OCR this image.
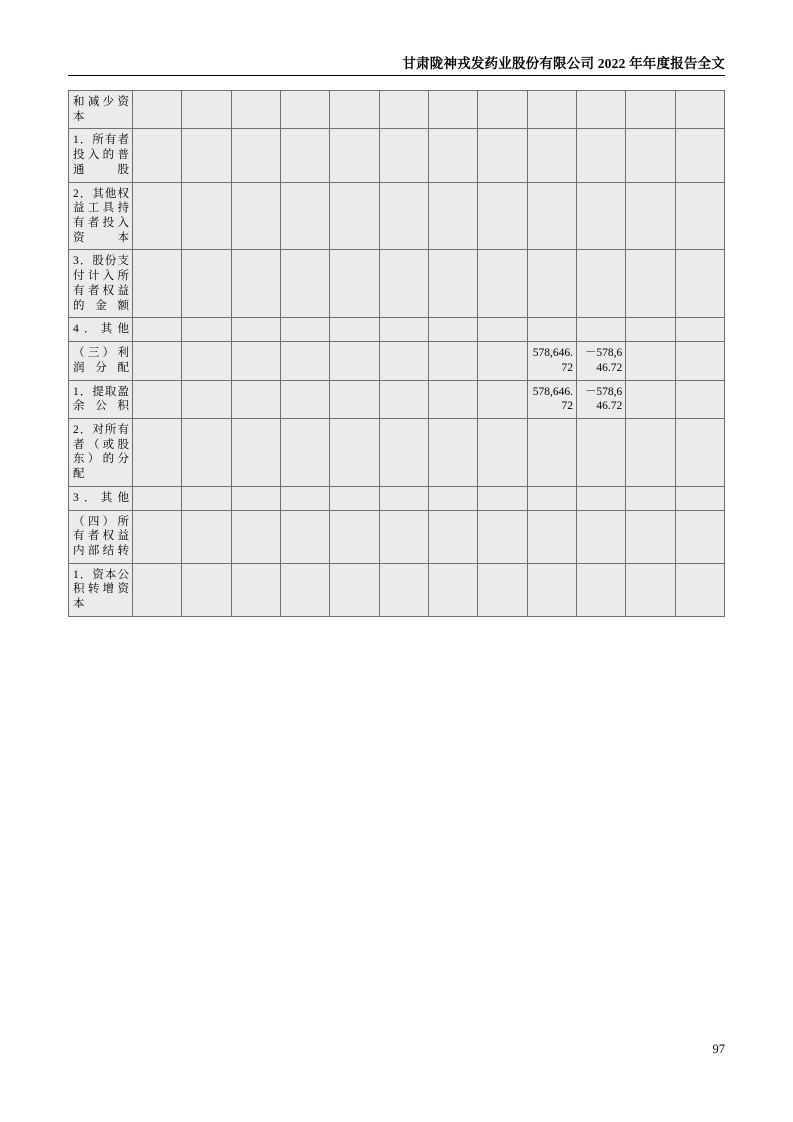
甘肃陇神戎发药业股份有限公司 2022 年年度报告全文
和减少资本												

1．所有者投入的普通股												

2．其他权益工具持有者投入资本												

3．股份支付计入所有者权益的金额												

4．其他												

（三）利润分配									578,646.72	－578,646.72		

1．提取盈余公积									578,646.72	－578,646.72		

2．对所有者（或股东）的分配												

3．其他												

（四）所有者权益内部结转												

1．资本公积转增资本												

97
